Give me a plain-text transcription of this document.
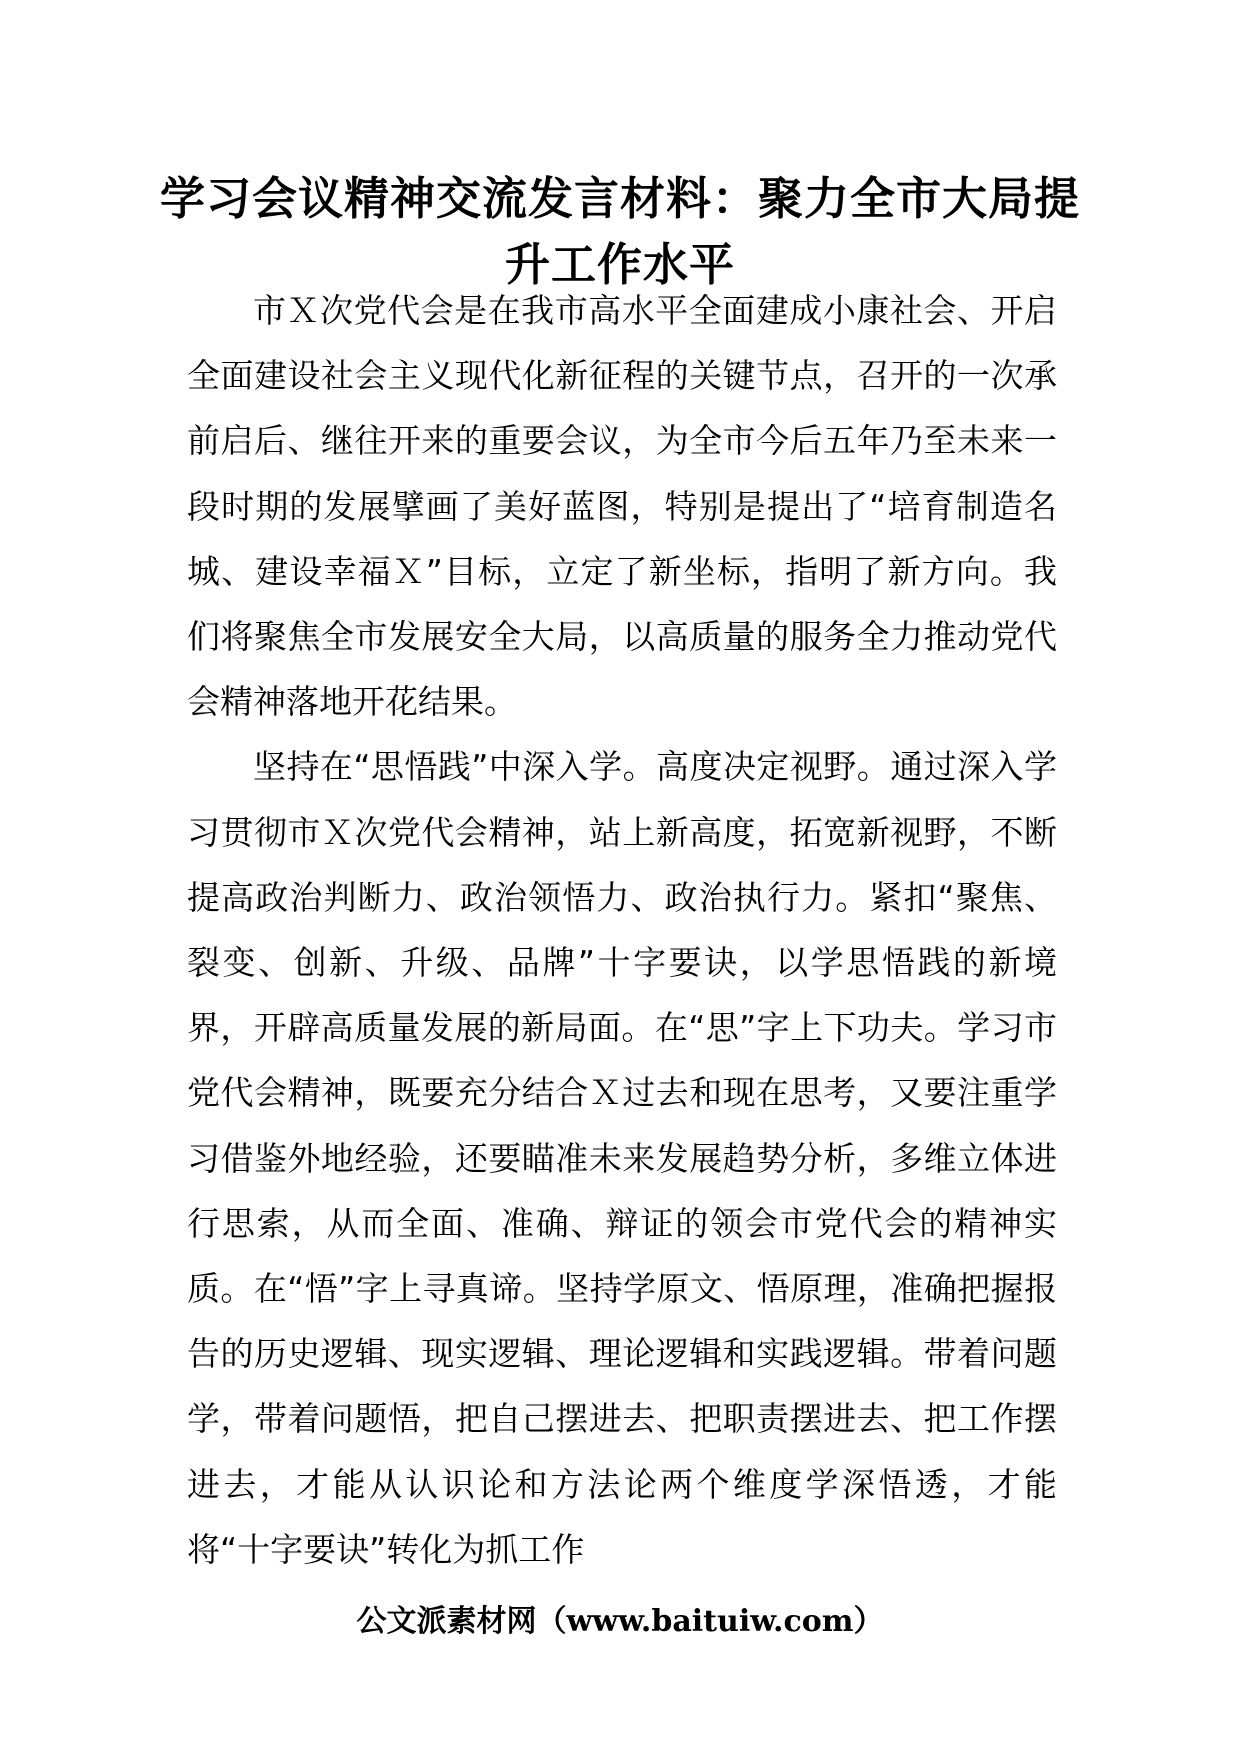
学习会议精神交流发言材料：聚力全市大局提升工作水平

市Ｘ次党代会是在我市高水平全面建成小康社会、开启全面建设社会主义现代化新征程的关键节点，召开的一次承前启后、继往开来的重要会议，为全市今后五年乃至未来一段时期的发展擘画了美好蓝图，特别是提出了“培育制造名城、建设幸福Ｘ”目标，立定了新坐标，指明了新方向。我们将聚焦全市发展安全大局，以高质量的服务全力推动党代会精神落地开花结果。

坚持在“思悟践”中深入学。高度决定视野。通过深入学习贯彻市Ｘ次党代会精神，站上新高度，拓宽新视野，不断提高政治判断力、政治领悟力、政治执行力。紧扣“聚焦、裂变、创新、升级、品牌”十字要诀，以学思悟践的新境界，开辟高质量发展的新局面。在“思”字上下功夫。学习市党代会精神，既要充分结合Ｘ过去和现在思考，又要注重学习借鉴外地经验，还要瞄准未来发展趋势分析，多维立体进行思索，从而全面、准确、辩证的领会市党代会的精神实质。在“悟”字上寻真谛。坚持学原文、悟原理，准确把握报告的历史逻辑、现实逻辑、理论逻辑和实践逻辑。带着问题学，带着问题悟，把自己摆进去、把职责摆进去、把工作摆进去，才能从认识论和方法论两个维度学深悟透，才能将“十字要诀”转化为抓工作

公文派素材网（www.baituiw.com）
